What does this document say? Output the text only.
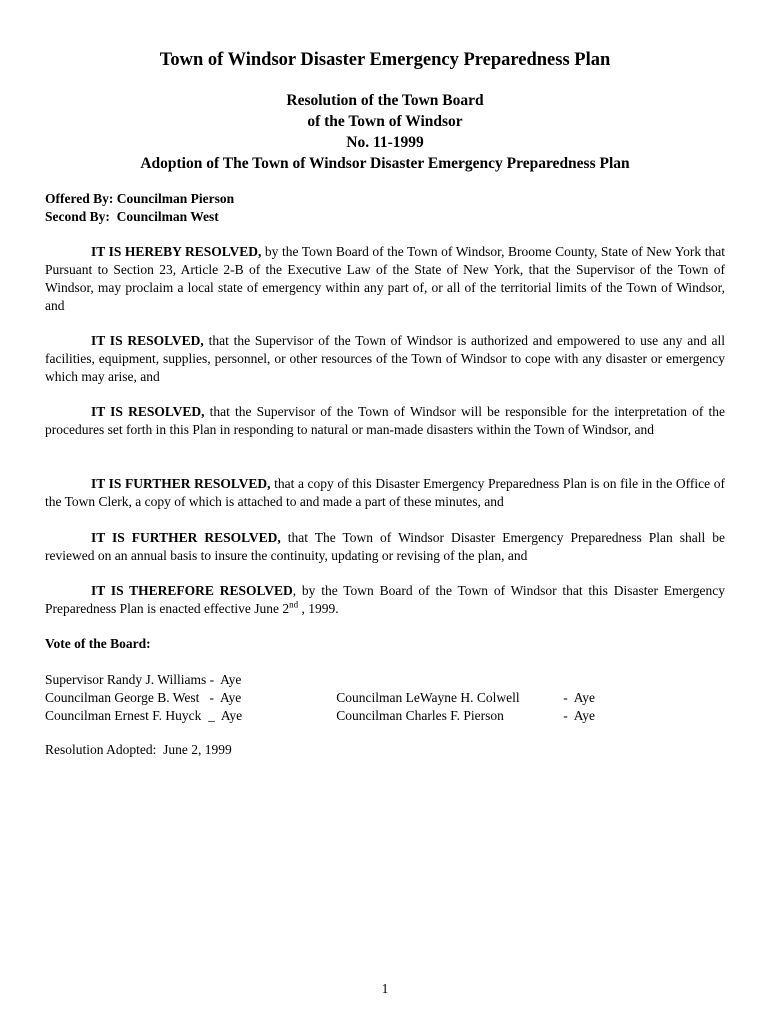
Town of Windsor Disaster Emergency Preparedness Plan
Resolution of the Town Board
of the Town of Windsor
No. 11-1999
Adoption of The Town of Windsor Disaster Emergency Preparedness Plan
Offered By: Councilman Pierson
Second By:  Councilman West
IT IS HEREBY RESOLVED, by the Town Board of the Town of Windsor, Broome County, State of New York that Pursuant to Section 23, Article 2-B of the Executive Law of the State of New York, that the Supervisor of the Town of Windsor, may proclaim a local state of emergency within any part of, or all of the territorial limits of the Town of Windsor, and
IT IS RESOLVED, that the Supervisor of the Town of Windsor is authorized and empowered to use any and all facilities, equipment, supplies, personnel, or other resources of the Town of Windsor to cope with any disaster or emergency which may arise, and
IT IS RESOLVED, that the Supervisor of the Town of Windsor will be responsible for the interpretation of the procedures set forth in this Plan in responding to natural or man-made disasters within the Town of Windsor, and
IT IS FURTHER RESOLVED, that a copy of this Disaster Emergency Preparedness Plan is on file in the Office of the Town Clerk, a copy of which is attached to and made a part of these minutes, and
IT IS FURTHER RESOLVED, that The Town of Windsor Disaster Emergency Preparedness Plan shall be reviewed on an annual basis to insure the continuity, updating or revising of the plan, and
IT IS THEREFORE RESOLVED, by the Town Board of the Town of Windsor that this Disaster Emergency Preparedness Plan is enacted effective June 2nd , 1999.
Vote of the Board:
Supervisor Randy J. Williams -  Aye
Councilman George B. West   -  Aye
Councilman Ernest F. Huyck  _  Aye

Councilman LeWayne H. Colwell	-  Aye

Councilman Charles F. Pierson	-  Aye

Resolution Adopted:  June 2, 1999
1
